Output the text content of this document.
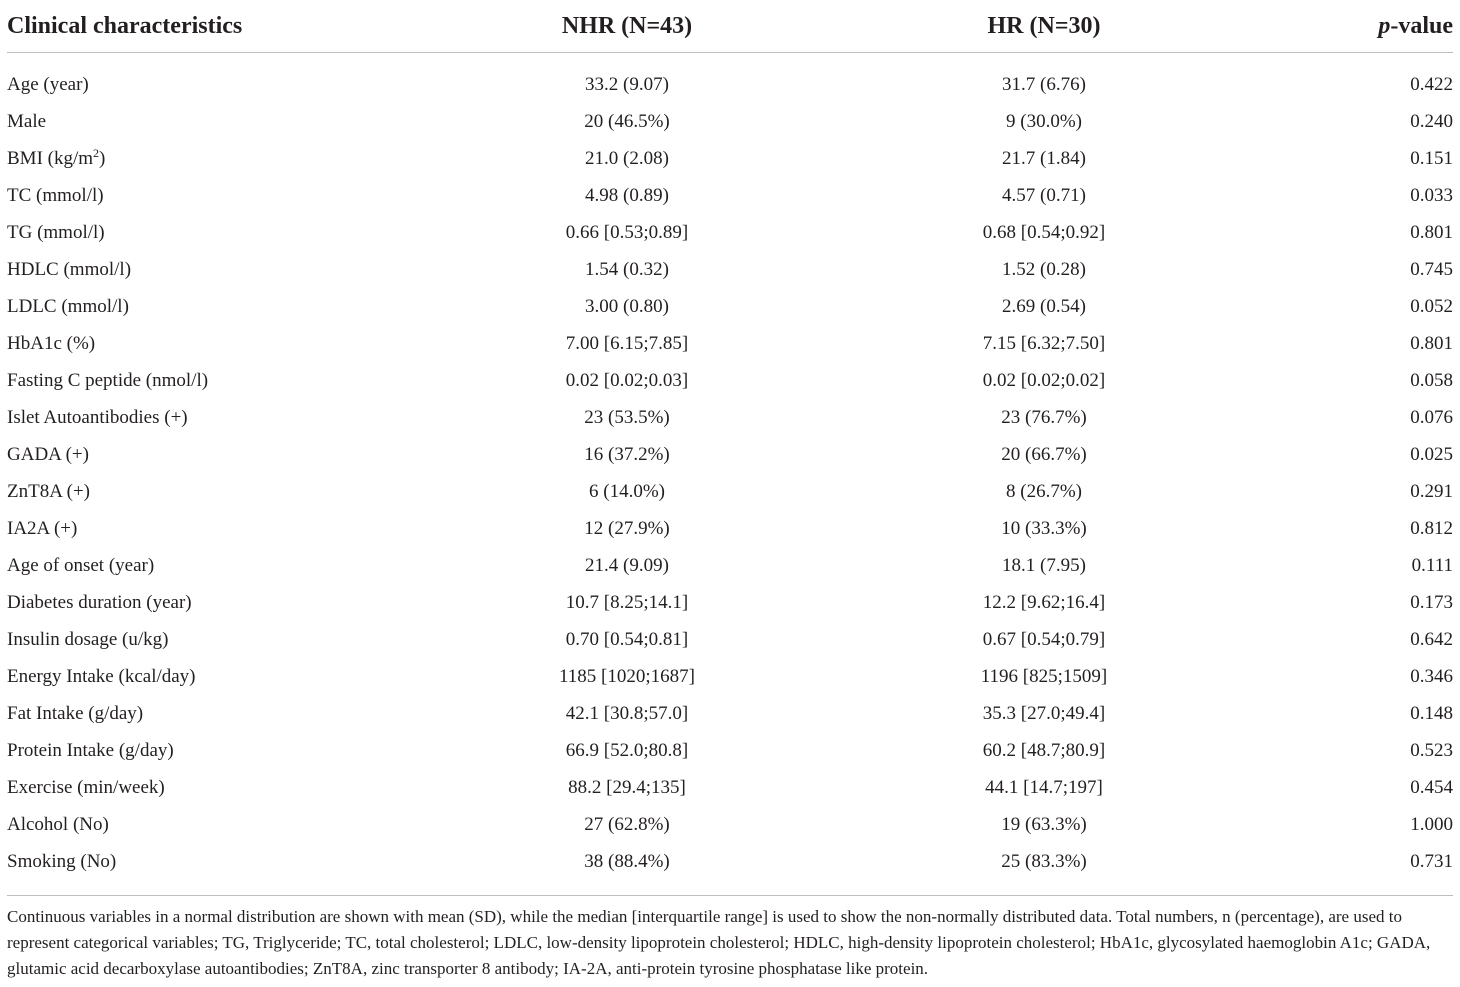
Clinical characteristics	NHR (N=43)	HR (N=30)	p-value

Age (year)	33.2 (9.07)	31.7 (6.76)	0.422
Male	20 (46.5%)	9 (30.0%)	0.240
BMI $(kg/m^2)$	21.0 (2.08)	21.7 (1.84)	0.151
TC (mmol/l)	4.98 (0.89)	4.57 (0.71)	0.033
TG (mmol/l)	0.66 [0.53;0.89]	0.68 [0.54;0.92]	0.801
HDLC (mmol/l)	1.54 (0.32)	1.52 (0.28)	0.745
LDLC (mmol/l)	3.00 (0.80)	2.69 (0.54)	0.052
HbA1c (%)	7.00 [6.15;7.85]	7.15 [6.32;7.50]	0.801
Fasting C peptide (nmol/l)	0.02 [0.02;0.03]	0.02 [0.02;0.02]	0.058
Islet Autoantibodies (+)	23 (53.5%)	23 (76.7%)	0.076
GADA (+)	16 (37.2%)	20 (66.7%)	0.025
ZnT8A (+)	6 (14.0%)	8 (26.7%)	0.291
IA2A (+)	12 (27.9%)	10 (33.3%)	0.812
Age of onset (year)	21.4 (9.09)	18.1 (7.95)	0.111
Diabetes duration (year)	10.7 [8.25;14.1]	12.2 [9.62;16.4]	0.173
Insulin dosage (u/kg)	0.70 [0.54;0.81]	0.67 [0.54;0.79]	0.642
Energy Intake (kcal/day)	1185 [1020;1687]	1196 [825;1509]	0.346
Fat Intake (g/day)	42.1 [30.8;57.0]	35.3 [27.0;49.4]	0.148
Protein Intake (g/day)	66.9 [52.0;80.8]	60.2 [48.7;80.9]	0.523
Exercise (min/week)	88.2 [29.4;135]	44.1 [14.7;197]	0.454
Alcohol (No)	27 (62.8%)	19 (63.3%)	1.000
Smoking (No)	38 (88.4%)	25 (83.3%)	0.731

Continuous variables in a normal distribution are shown with mean (SD), while the median [interquartile range] is used to show the non-normally distributed data. Total numbers, n (percentage), are used to represent categorical variables; TG, Triglyceride; TC, total cholesterol; LDLC, low-density lipoprotein cholesterol; HDLC, high-density lipoprotein cholesterol; HbA1c, glycosylated haemoglobin A1c; GADA, glutamic acid decarboxylase autoantibodies; ZnT8A, zinc transporter 8 antibody; IA-2A, anti-protein tyrosine phosphatase like protein.
